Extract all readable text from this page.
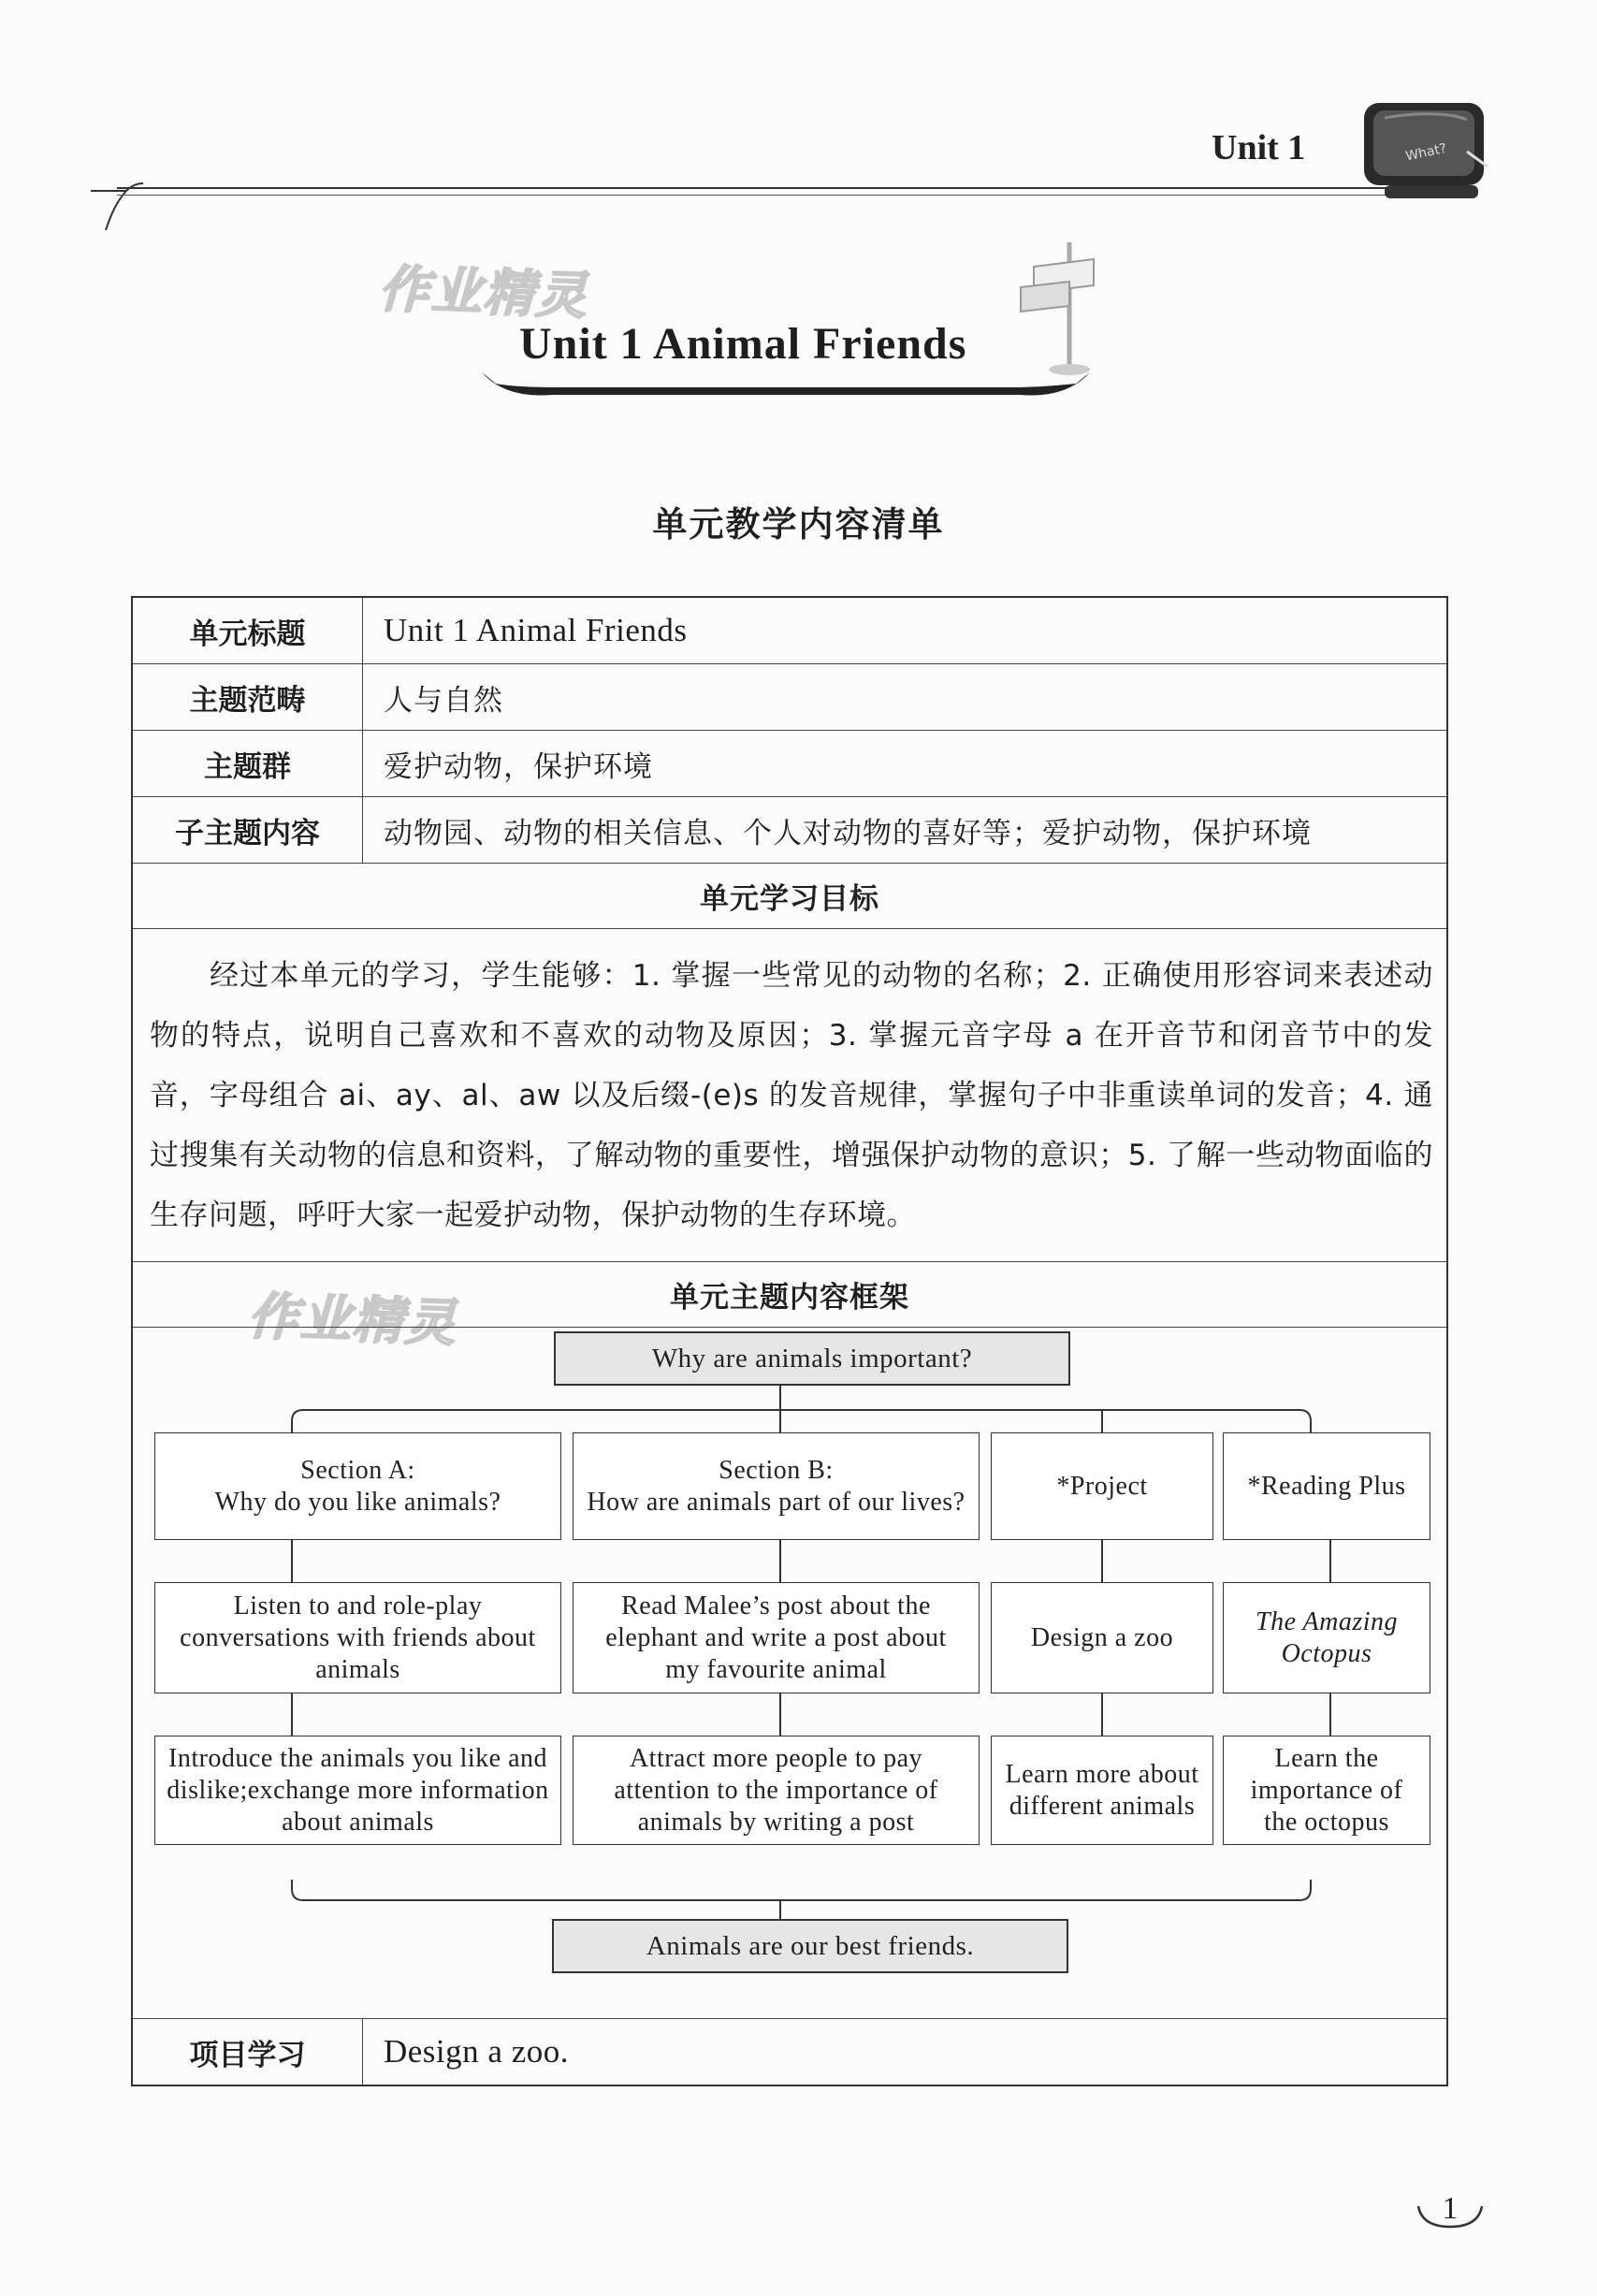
Unit 1	What?
作业精灵
作业精灵
Unit 1 Animal Friends
单元教学内容清单
单元标题	Unit 1 Animal Friends
主题范畴	人与自然
主题群	爱护动物，保护环境
子主题内容	动物园、动物的相关信息、个人对动物的喜好等；爱护动物，保护环境
单元学习目标

经过本单元的学习，学生能够：1. 掌握一些常见的动物的名称；2. 正确使用形容词来表述动物的特点，说明自己喜欢和不喜欢的动物及原因；3. 掌握元音字母 a 在开音节和闭音节中的发音，字母组合 ai、ay、al、aw 以及后缀-(e)s 的发音规律，掌握句子中非重读单词的发音；4. 通过搜集有关动物的信息和资料，了解动物的重要性，增强保护动物的意识；5. 了解一些动物面临的生存问题，呼吁大家一起爱护动物，保护动物的生存环境。

单元主题内容框架
Why are animals important?
Section A:
Why do you like animals?
Section B:
How are animals part of our lives?
*Project	*Reading Plus
Listen to and role-play conversations with friends about animals
Read Malee’s post about the elephant and write a post about my favourite animal
Design a zoo
The Amazing Octopus
Introduce the animals you like and dislike;exchange more information about animals
Attract more people to pay attention to the importance of animals by writing a post
Learn more about different animals
Learn the importance of the octopus
Animals are our best friends.
项目学习	Design a zoo.
1
